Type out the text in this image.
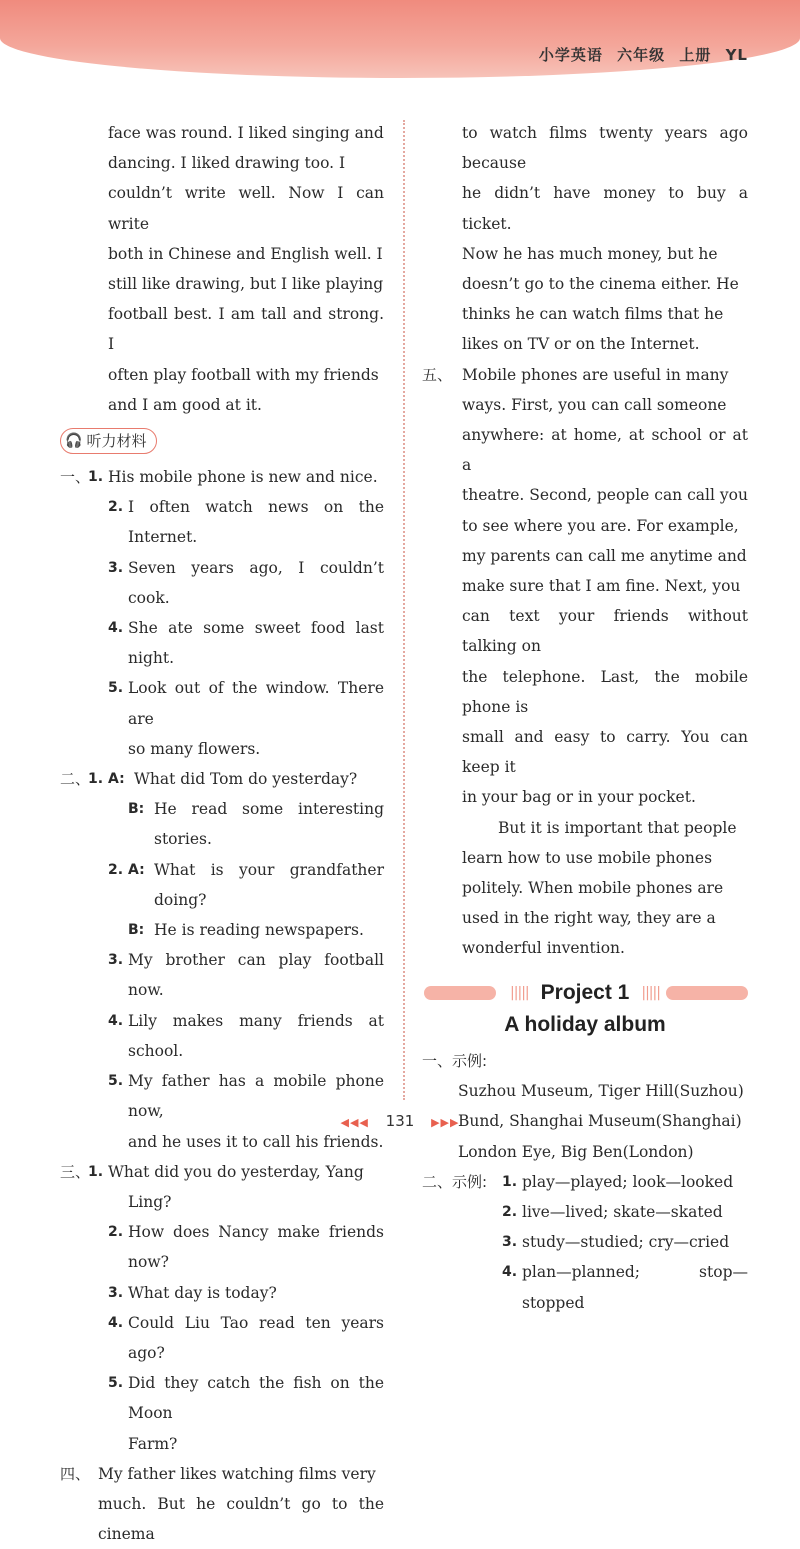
小学英语 六年级 上册 YL

face was round. I liked singing and

dancing. I liked drawing too. I

couldn’t write well. Now I can write

both in Chinese and English well. I

still like drawing, but I like playing

football best. I am tall and strong. I

often play football with my friends

and I am good at it.

🎧 听力材料
一、
1. His mobile phone is new and nice.
2. I often watch news on the Internet.
3. Seven years ago, I couldn’t cook.
4. She ate some sweet food last night.
5. Look out of the window. There are
so many flowers.
二、
1. A: What did Tom do yesterday?
B: He read some interesting stories.
2. A: What is your grandfather doing?
B: He is reading newspapers.
3. My brother can play football now.
4. Lily makes many friends at school.
5. My father has a mobile phone now,
and he uses it to call his friends.
三、
1. What did you do yesterday, Yang
Ling?
2. How does Nancy make friends now?
3. What day is today?
4. Could Liu Tao read ten years ago?
5. Did they catch the fish on the Moon
Farm?
四、 My father likes watching films very
much. But he couldn’t go to the cinema

to watch films twenty years ago because

he didn’t have money to buy a ticket.

Now he has much money, but he

doesn’t go to the cinema either. He

thinks he can watch films that he

likes on TV or on the Internet.

五、 Mobile phones are useful in many

ways. First, you can call someone

anywhere: at home, at school or at a

theatre. Second, people can call you

to see where you are. For example,

my parents can call me anytime and

make sure that I am fine. Next, you

can text your friends without talking on

the telephone. Last, the mobile phone is

small and easy to carry. You can keep it

in your bag or in your pocket.

But it is important that people

learn how to use mobile phones

politely. When mobile phones are

used in the right way, they are a

wonderful invention.

||||| Project 1 |||||
A holiday album
一、示例:
Suzhou Museum, Tiger Hill(Suzhou)
Bund, Shanghai Museum(Shanghai)
London Eye, Big Ben(London)
二、示例:	1. play—played; look—looked
2. live—lived; skate—skated
3. study—studied; cry—cried
4. plan—planned; stop—stopped
◀◀◀ 131 ▶▶▶
